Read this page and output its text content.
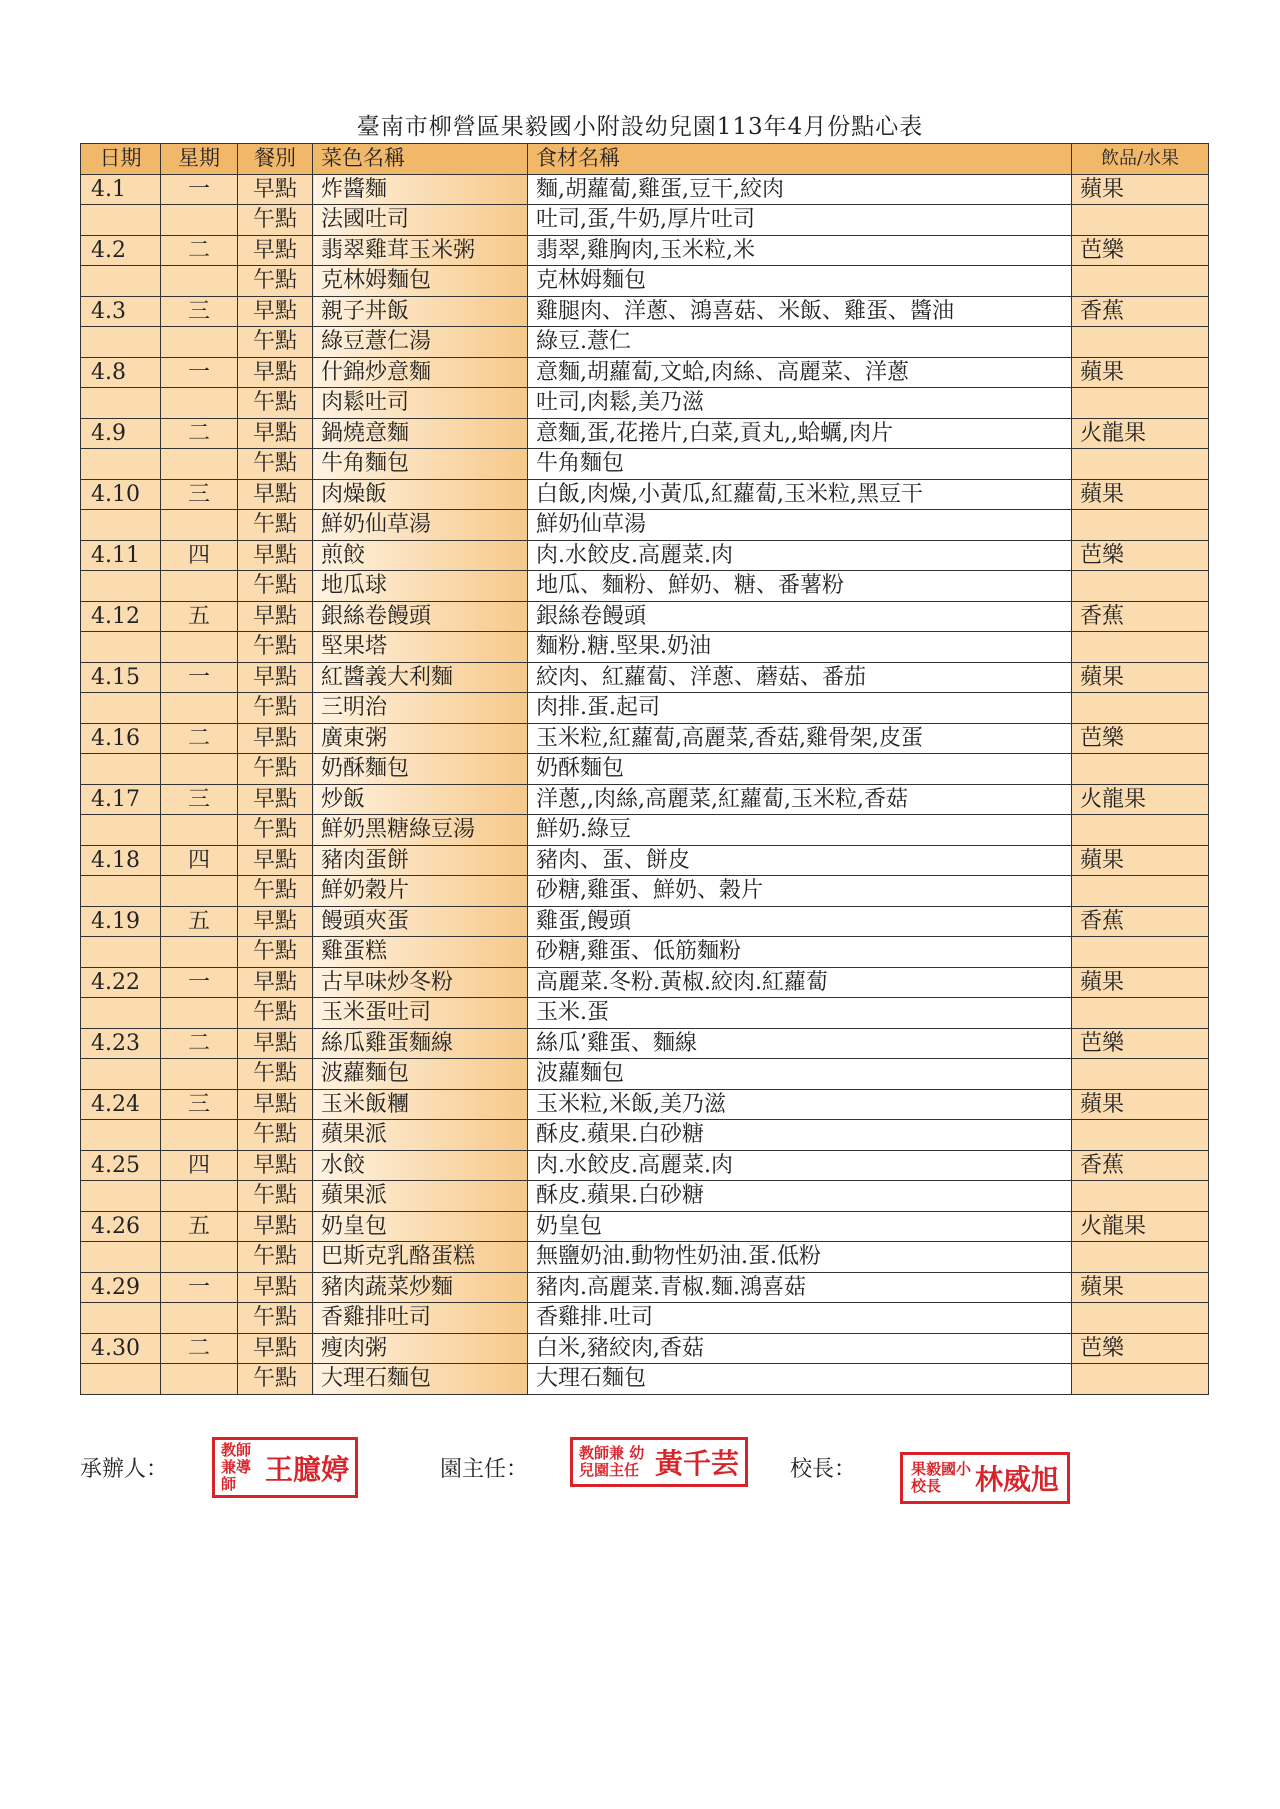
臺南市柳營區果毅國小附設幼兒園113年4月份點心表
日期	星期	餐別	菜色名稱	食材名稱	飲品/水果
4.1	一	早點	炸醬麵	麵,胡蘿蔔,雞蛋,豆干,絞肉	蘋果
		午點	法國吐司	吐司,蛋,牛奶,厚片吐司	
4.2	二	早點	翡翠雞茸玉米粥	翡翠,雞胸肉,玉米粒,米	芭樂
		午點	克林姆麵包	克林姆麵包	
4.3	三	早點	親子丼飯	雞腿肉、洋蔥、鴻喜菇、米飯、雞蛋、醬油	香蕉
		午點	綠豆薏仁湯	綠豆.薏仁	
4.8	一	早點	什錦炒意麵	意麵,胡蘿蔔,文蛤,肉絲、高麗菜、洋蔥	蘋果
		午點	肉鬆吐司	吐司,肉鬆,美乃滋	
4.9	二	早點	鍋燒意麵	意麵,蛋,花捲片,白菜,貢丸,,蛤蠣,肉片	火龍果
		午點	牛角麵包	牛角麵包	
4.10	三	早點	肉燥飯	白飯,肉燥,小黃瓜,紅蘿蔔,玉米粒,黑豆干	蘋果
		午點	鮮奶仙草湯	鮮奶仙草湯	
4.11	四	早點	煎餃	肉.水餃皮.高麗菜.肉	芭樂
		午點	地瓜球	地瓜、麵粉、鮮奶、糖、番薯粉	
4.12	五	早點	銀絲卷饅頭	銀絲卷饅頭	香蕉
		午點	堅果塔	麵粉.糖.堅果.奶油	
4.15	一	早點	紅醬義大利麵	絞肉、紅蘿蔔、洋蔥、蘑菇、番茄	蘋果
		午點	三明治	肉排.蛋.起司	
4.16	二	早點	廣東粥	玉米粒,紅蘿蔔,高麗菜,香菇,雞骨架,皮蛋	芭樂
		午點	奶酥麵包	奶酥麵包	
4.17	三	早點	炒飯	洋蔥,,肉絲,高麗菜,紅蘿蔔,玉米粒,香菇	火龍果
		午點	鮮奶黑糖綠豆湯	鮮奶.綠豆	
4.18	四	早點	豬肉蛋餅	豬肉、蛋、餅皮	蘋果
		午點	鮮奶穀片	砂糖,雞蛋、鮮奶、穀片	
4.19	五	早點	饅頭夾蛋	雞蛋,饅頭	香蕉
		午點	雞蛋糕	砂糖,雞蛋、低筋麵粉	
4.22	一	早點	古早味炒冬粉	高麗菜.冬粉.黃椒.絞肉.紅蘿蔔	蘋果
		午點	玉米蛋吐司	玉米.蛋	
4.23	二	早點	絲瓜雞蛋麵線	絲瓜’雞蛋、麵線	芭樂
		午點	波蘿麵包	波蘿麵包	
4.24	三	早點	玉米飯糰	玉米粒,米飯,美乃滋	蘋果
		午點	蘋果派	酥皮.蘋果.白砂糖	
4.25	四	早點	水餃	肉.水餃皮.高麗菜.肉	香蕉
		午點	蘋果派	酥皮.蘋果.白砂糖	
4.26	五	早點	奶皇包	奶皇包	火龍果
		午點	巴斯克乳酪蛋糕	無鹽奶油.動物性奶油.蛋.低粉	
4.29	一	早點	豬肉蔬菜炒麵	豬肉.高麗菜.青椒.麵.鴻喜菇	蘋果
		午點	香雞排吐司	香雞排.吐司	
4.30	二	早點	瘦肉粥	白米,豬絞肉,香菇	芭樂
		午點	大理石麵包	大理石麵包	
承辦人：
教師 兼導師 王臆婷	園主任：
教師兼 幼兒園主任 黃千芸	校長：	果毅國小 校長 林威旭
